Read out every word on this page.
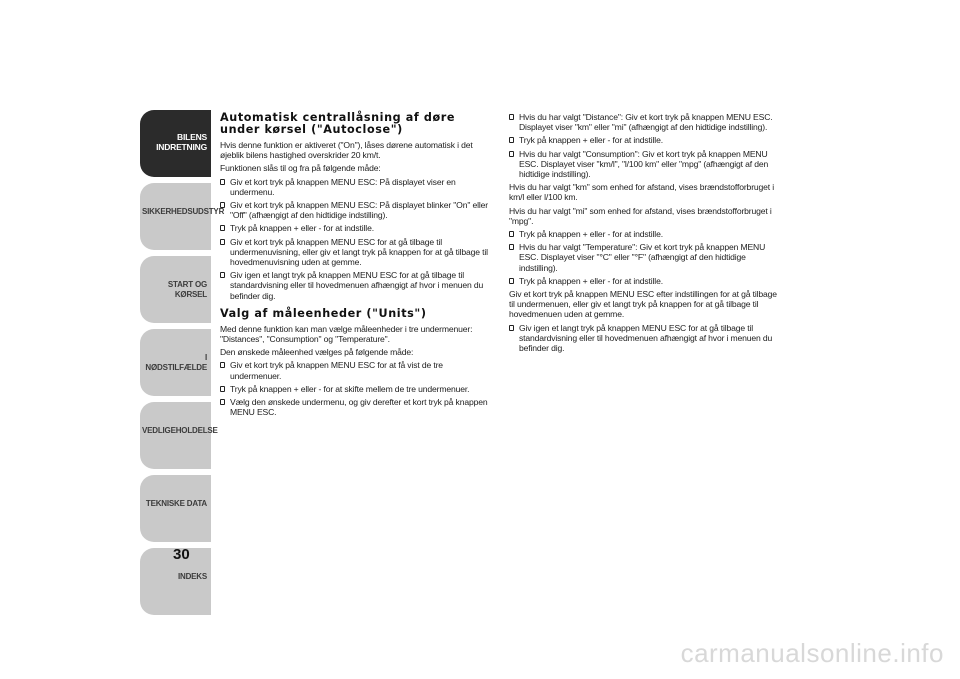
BILENS
INDRETNING
SIKKERHEDSUDSTYR
START OG KØRSEL
I NØDSTILFÆLDE
VEDLIGEHOLDELSE
TEKNISKE DATA
INDEKS
30
Automatisk centrallåsning af døre
under kørsel ("Autoclose")

Hvis denne funktion er aktiveret ("On"), låses dørene automatisk i det øjeblik bilens hastighed overskrider 20 km/t.

Funktionen slås til og fra på følgende måde:

Giv et kort tryk på knappen MENU ESC: På displayet viser en undermenu.
Giv et kort tryk på knappen MENU ESC: På displayet blinker "On" eller "Off" (afhængigt af den hidtidige indstilling).
Tryk på knappen + eller - for at indstille.
Giv et kort tryk på knappen MENU ESC for at gå tilbage til undermenuvisning, eller giv et langt tryk på knappen for at gå tilbage til hovedmenuvisning uden at gemme.
Giv igen et langt tryk på knappen MENU ESC for at gå tilbage til standardvisning eller til hovedmenuen afhængigt af hvor i menuen du befinder dig.
Valg af måleenheder ("Units")

Med denne funktion kan man vælge måleenheder i tre undermenuer: "Distances", "Consumption" og "Temperature".

Den ønskede måleenhed vælges på følgende måde:

Giv et kort tryk på knappen MENU ESC for at få vist de tre undermenuer.
Tryk på knappen + eller - for at skifte mellem de tre undermenuer.
Vælg den ønskede undermenu, og giv derefter et kort tryk på knappen MENU ESC.
Hvis du har valgt "Distance": Giv et kort tryk på knappen MENU ESC. Displayet viser "km" eller "mi" (afhængigt af den hidtidige indstilling).
Tryk på knappen + eller - for at indstille.
Hvis du har valgt "Consumption": Giv et kort tryk på knappen MENU ESC. Displayet viser "km/l", "l/100 km" eller "mpg" (afhængigt af den hidtidige indstilling).

Hvis du har valgt "km" som enhed for afstand, vises brændstofforbruget i km/l eller l/100 km.

Hvis du har valgt "mi" som enhed for afstand, vises brændstofforbruget i "mpg".

Tryk på knappen + eller - for at indstille.
Hvis du har valgt "Temperature": Giv et kort tryk på knappen MENU ESC. Displayet viser "°C" eller "°F" (afhængigt af den hidtidige indstilling).
Tryk på knappen + eller - for at indstille.

Giv et kort tryk på knappen MENU ESC efter indstillingen for at gå tilbage til undermenuen, eller giv et langt tryk på knappen for at gå tilbage til hovedmenuen uden at gemme.

Giv igen et langt tryk på knappen MENU ESC for at gå tilbage til standardvisning eller til hovedmenuen afhængigt af hvor i menuen du befinder dig.
carmanualsonline.info
